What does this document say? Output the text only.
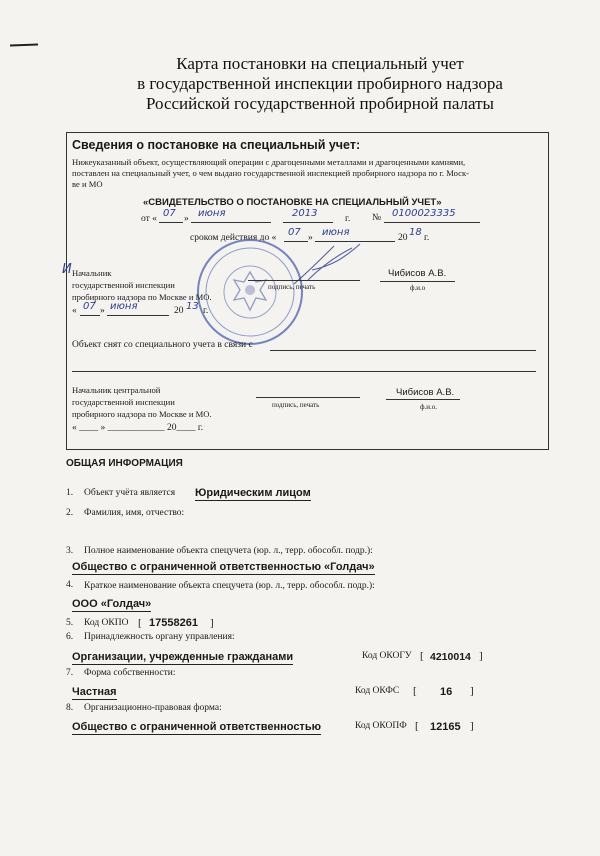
Карта постановки на специальный учет
в государственной инспекции пробирного надзора
Российской государственной пробирной палаты
Сведения о постановке на специальный учет:
Нижеуказанный объект, осуществляющий операции с драгоценными металлами и драгоценными камнями,
поставлен на специальный учет, о чем выдано государственной инспекцией пробирного надзора по г. Моск-
ве и МО
«СВИДЕТЕЛЬСТВО О ПОСТАНОВКЕ НА СПЕЦИАЛЬНЫЙ УЧЕТ»
от « 07 » июня	2013	г. № 0100023335
сроком действия до « 07 » июня	20 18 г.
И Начальник
государственной инспекции
пробирного надзора по Москве и МО.
подпись, печать
Чибисов А.В.
ф.и.о
« 07 » июня	20 13 г.
Объект снят со специального учета в связи с
Начальник центральной
государственной инспекции
пробирного надзора по Москве и МО.
подпись, печать
Чибисов А.В.
ф.и.о.
« ____ » ____________ 20____ г.
ОБЩАЯ ИНФОРМАЦИЯ
1. Объект учёта является Юридическим лицом
2. Фамилия, имя, отчество:
3. Полное наименование объекта спецучета (юр. л., терр. обособл. подр.):
Общество с ограниченной ответственностью «Голдач»
4. Краткое наименование объекта спецучета (юр. л., терр. обособл. подр.):
ООО «Голдач»
5. Код ОКПО [ 17558261 ]
6. Принадлежность органу управления:
Организации, учрежденные гражданами	Код ОКОГУ [ 4210014 ]
7. Форма собственности:
Частная	Код ОКФС [ 16 ]
8. Организационно-правовая форма:
Общество с ограниченной ответственностью	Код ОКОПФ [ 12165 ]
